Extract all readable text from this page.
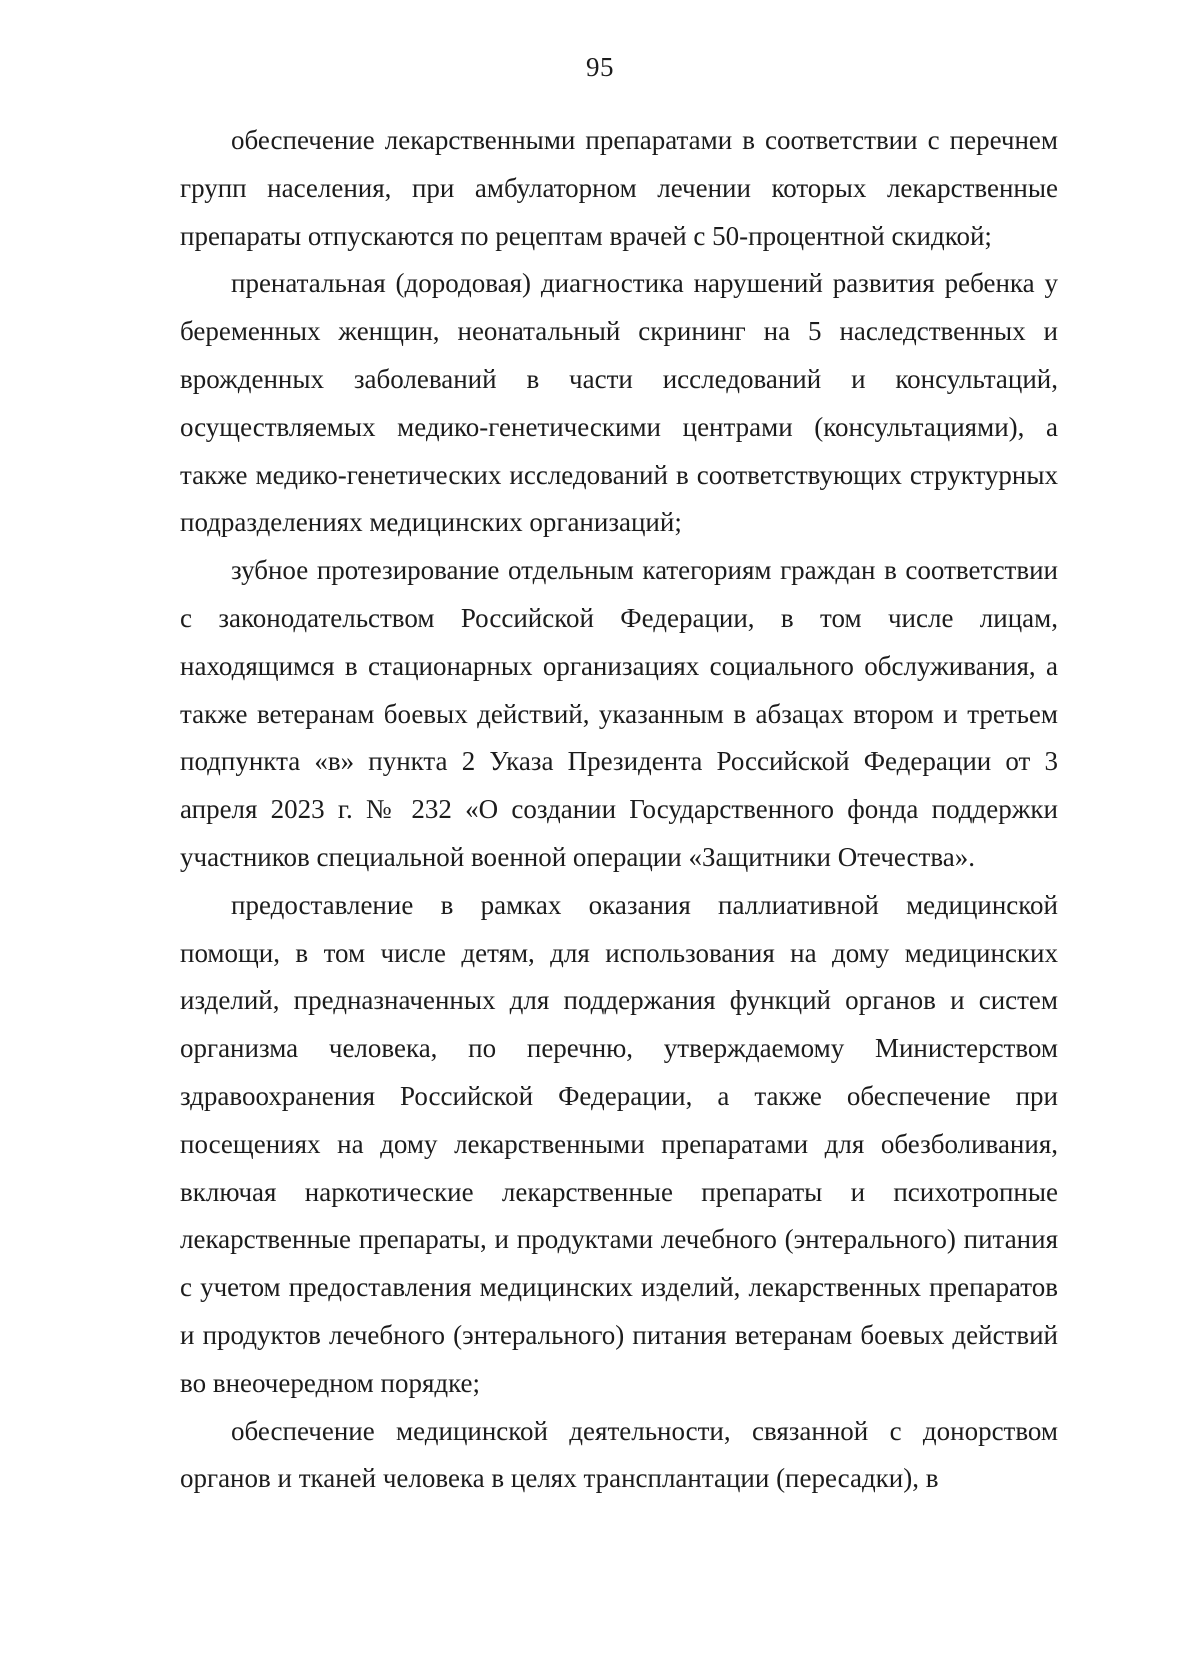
95

обеспечение лекарственными препаратами в соответствии с перечнем групп населения, при амбулаторном лечении которых лекарственные препараты отпускаются по рецептам врачей с 50-процентной скидкой;

пренатальная (дородовая) диагностика нарушений развития ребенка у беременных женщин, неонатальный скрининг на 5 наследственных и врожденных заболеваний в части исследований и консультаций, осуществляемых медико-генетическими центрами (консультациями), а также медико-генетических исследований в соответствующих структурных подразделениях медицинских организаций;

зубное протезирование отдельным категориям граждан в соответствии с законодательством Российской Федерации, в том числе лицам, находящимся в стационарных организациях социального обслуживания, а также ветеранам боевых действий, указанным в абзацах втором и третьем подпункта «в» пункта 2 Указа Президента Российской Федерации от 3 апреля 2023 г. № 232 «О создании Государственного фонда поддержки участников специальной военной операции «Защитники Отечества».

предоставление в рамках оказания паллиативной медицинской помощи, в том числе детям, для использования на дому медицинских изделий, предназначенных для поддержания функций органов и систем организма человека, по перечню, утверждаемому Министерством здравоохранения Российской Федерации, а также обеспечение при посещениях на дому лекарственными препаратами для обезболивания, включая наркотические лекарственные препараты и психотропные лекарственные препараты, и продуктами лечебного (энтерального) питания с учетом предоставления медицинских изделий, лекарственных препаратов и продуктов лечебного (энтерального) питания ветеранам боевых действий во внеочередном порядке;

обеспечение медицинской деятельности, связанной с донорством органов и тканей человека в целях трансплантации (пересадки), в
